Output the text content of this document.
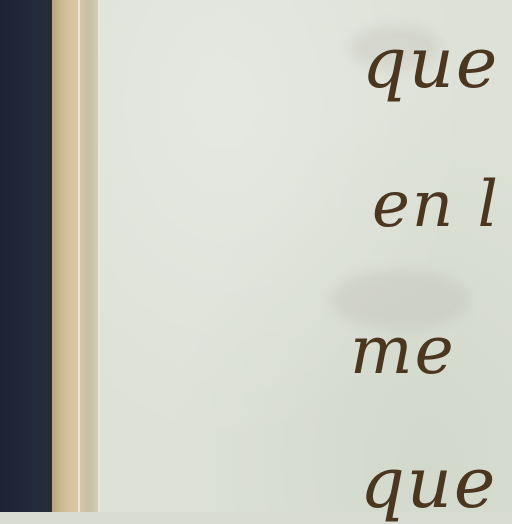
que
en l
me
que
